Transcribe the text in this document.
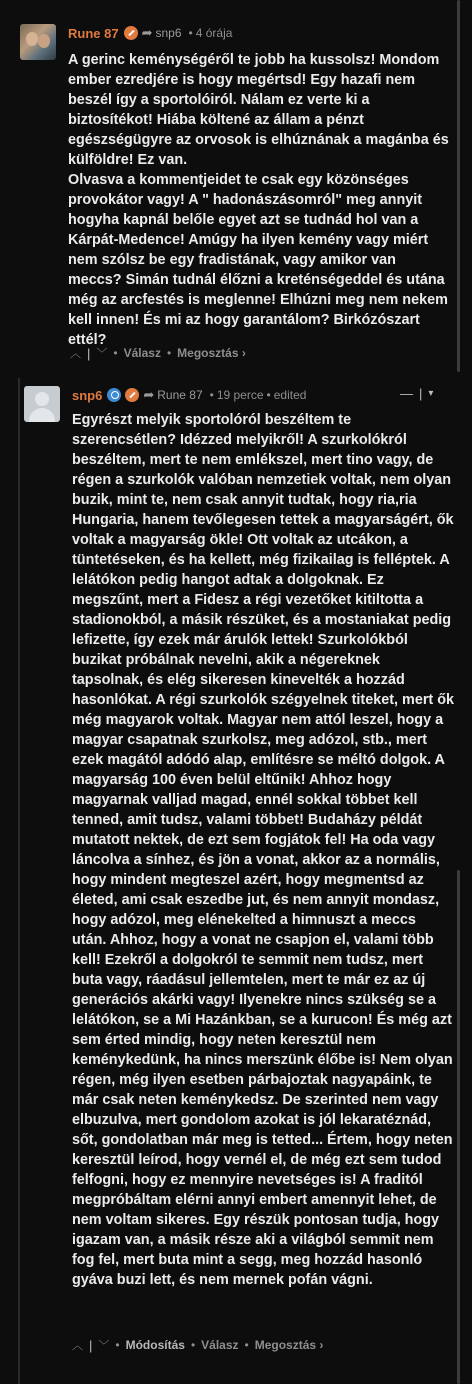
Rune 87 ➦ snp6 • 4 órája

A gerinc keménységéről te jobb ha kussolsz! Mondom ember ezredjére is hogy megértsd! Egy hazafi nem beszél így a sportolóiról. Nálam ez verte ki a biztosítékot! Hiába költené az állam a pénzt egészségügyre az orvosok is elhúznának a magánba és külföldre! Ez van.

Olvasva a kommentjeidet te csak egy közönséges provokátor vagy! A " hadonászásomról" meg annyit hogyha kapnál belőle egyet azt se tudnád hol van a Kárpát-Medence! Amúgy ha ilyen kemény vagy miért nem szólsz be egy fradistának, vagy amikor van meccs? Simán tudnál élőzni a kreténségeddel és utána még az arcfestés is meglenne! Elhúzni meg nem nekem kell innen! És mi az hogy garantálom? Birkózószart ettél?

︿ | ﹀ • Válasz • Megosztás ›
snp6	➦ Rune 87 • 19 perce • edited	— | ▾

Egyrészt melyik sportolóról beszéltem te szerencsétlen? Idézzed melyikről! A szurkolókról beszéltem, mert te nem emlékszel, mert tino vagy, de régen a szurkolók valóban nemzetiek voltak, nem olyan buzik, mint te, nem csak annyit tudtak, hogy ria,ria Hungaria, hanem tevőlegesen tettek a magyarságért, ők voltak a magyarság ökle! Ott voltak az utcákon, a tüntetéseken, és ha kellett, még fizikailag is felléptek. A lelátókon pedig hangot adtak a dolgoknak. Ez megszűnt, mert a Fidesz a régi vezetőket kitiltotta a stadionokból, a másik részüket, és a mostaniakat pedig lefizette, így ezek már árulók lettek! Szurkolókból buzikat próbálnak nevelni, akik a négereknek tapsolnak, és elég sikeresen kinevelték a hozzád hasonlókat. A régi szurkolók szégyelnek titeket, mert ők még magyarok voltak. Magyar nem attól leszel, hogy a magyar csapatnak szurkolsz, meg adózol, stb., mert ezek magától adódó alap, említésre se méltó dolgok. A magyarság 100 éven belül eltűnik! Ahhoz hogy magyarnak valljad magad, ennél sokkal többet kell tenned, amit tudsz, valami többet! Budaházy példát mutatott nektek, de ezt sem fogjátok fel! Ha oda vagy láncolva a sínhez, és jön a vonat, akkor az a normális, hogy mindent megteszel azért, hogy megmentsd az életed, ami csak eszedbe jut, és nem annyit mondasz, hogy adózol, meg elénekelted a himnuszt a meccs után. Ahhoz, hogy a vonat ne csapjon el, valami több kell! Ezekről a dolgokról te semmit nem tudsz, mert buta vagy, ráadásul jellemtelen, mert te már ez az új generációs akárki vagy! Ilyenekre nincs szükség se a lelátókon, se a Mi Hazánkban, se a kurucon! És még azt sem érted mindig, hogy neten keresztül nem keménykedünk, ha nincs merszünk élőbe is! Nem olyan régen, még ilyen esetben párbajoztak nagyapáink, te már csak neten keménykedsz. De szerinted nem vagy elbuzulva, mert gondolom azokat is jól lekaratéznád, sőt, gondolatban már meg is tetted... Értem, hogy neten keresztül leírod, hogy vernél el, de még ezt sem tudod felfogni, hogy ez mennyire nevetséges is! A fraditól megpróbáltam elérni annyi embert amennyit lehet, de nem voltam sikeres. Egy részük pontosan tudja, hogy igazam van, a másik része aki a világból semmit nem fog fel, mert buta mint a segg, meg hozzád hasonló gyáva buzi lett, és nem mernek pofán vágni.

︿ | ﹀ • Módosítás • Válasz • Megosztás ›
